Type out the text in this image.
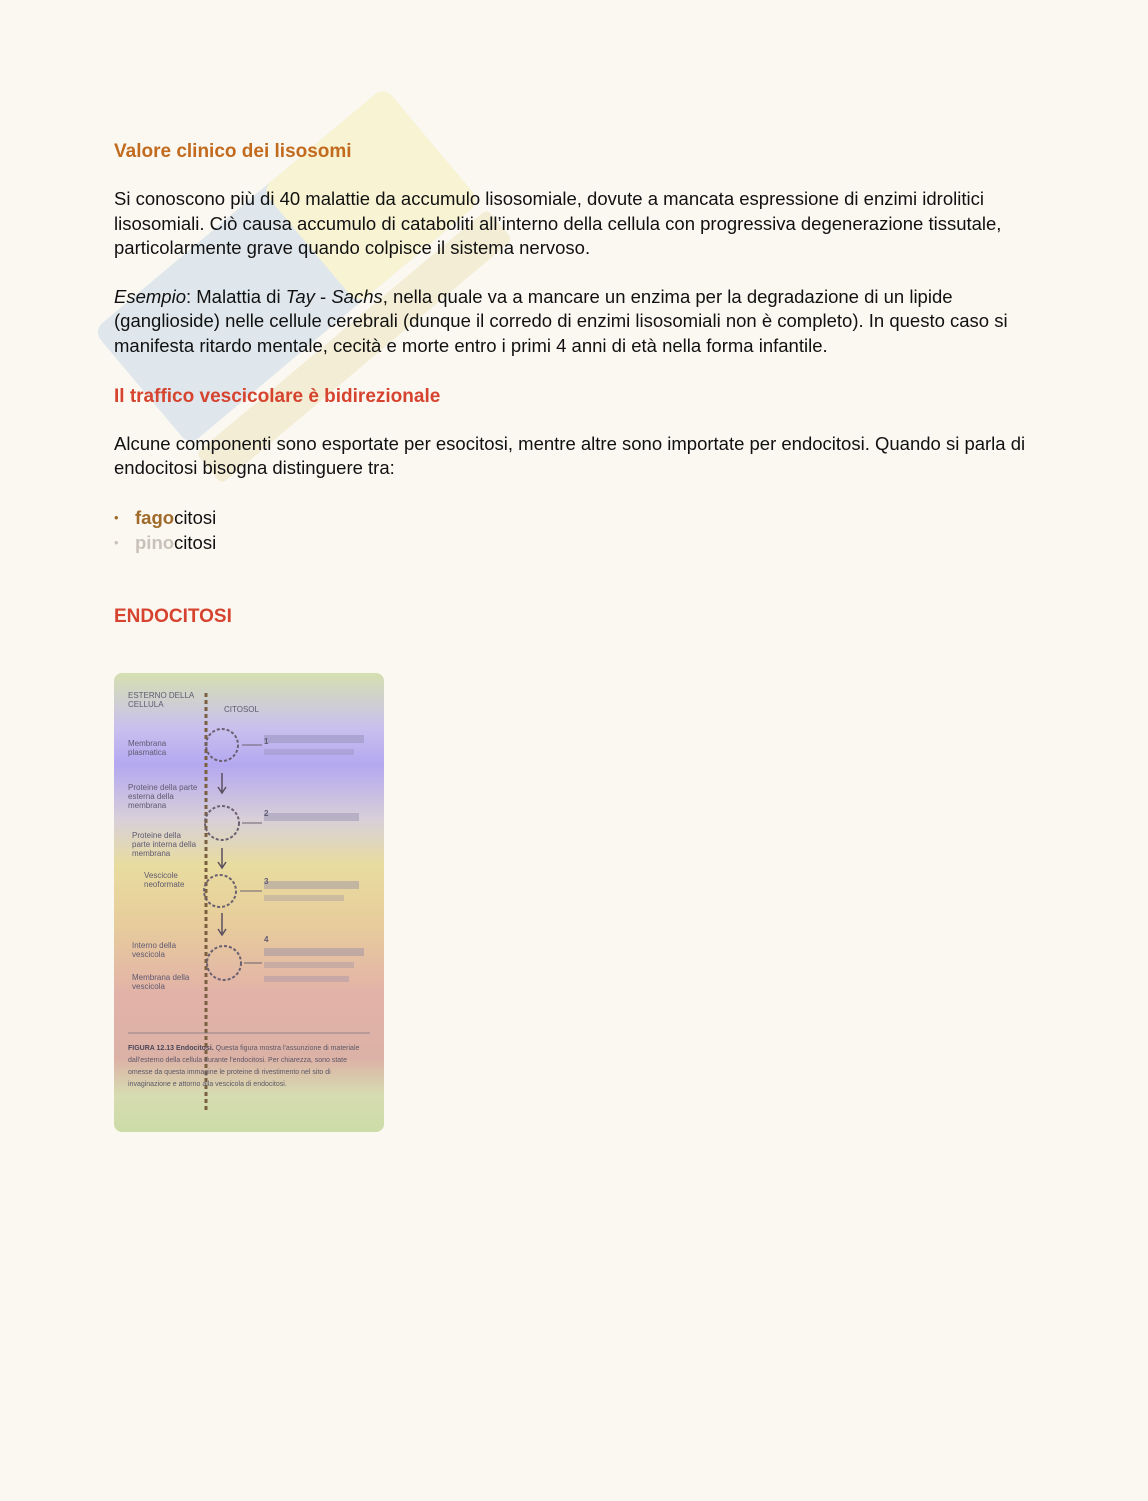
Valore clinico dei lisosomi

Si conoscono più di 40 malattie da accumulo lisosomiale, dovute a mancata espressione di enzimi idrolitici lisosomiali. Ciò causa accumulo di cataboliti all’interno della cellula con progressiva degenerazione tissutale, particolarmente grave quando colpisce il sistema nervoso.

Esempio: Malattia di Tay - Sachs, nella quale va a mancare un enzima per la degradazione di un lipide (ganglioside) nelle cellule cerebrali (dunque il corredo di enzimi lisosomiali non è completo). In questo caso si manifesta ritardo mentale, cecità e morte entro i primi 4 anni di età nella forma infantile.

Il traffico vescicolare è bidirezionale

Alcune componenti sono esportate per esocitosi, mentre altre sono importate per endocitosi. Quando si parla di endocitosi bisogna distinguere tra:

• fagocitosi
• pinocitosi
ENDOCITOSI
ESTERNO DELLA CELLULA
CITOSOL
Membrana plasmatica
Proteine della parte esterna della membrana
Proteine della parte interna della membrana
Vescicole neoformate
Interno della vescicola
Membrana della vescicola
1
2
3
4
FIGURA 12.13 Endocitosi. Questa figura mostra l'assunzione di materiale dall'esterno della cellula durante l'endocitosi. Per chiarezza, sono state omesse da questa immagine le proteine di rivestimento nel sito di invaginazione e attorno alla vescicola di endocitosi.
